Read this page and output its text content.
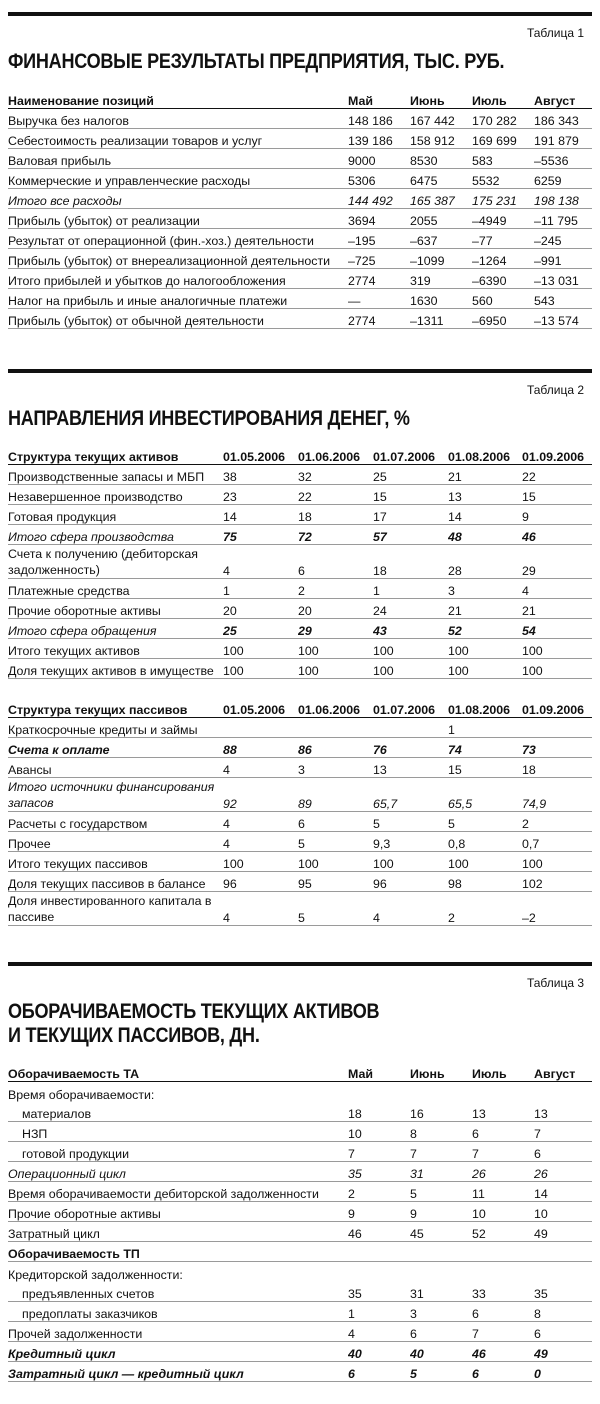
Таблица 1
ФИНАНСОВЫЕ РЕЗУЛЬТАТЫ ПРЕДПРИЯТИЯ, ТЫС. РУБ.
Наименование позиций	Май	Июнь	Июль	Август
Выручка без налогов	148 186	167 442	170 282	186 343
Себестоимость реализации товаров и услуг	139 186	158 912	169 699	191 879
Валовая прибыль	9000	8530	583	–5536
Коммерческие и управленческие расходы	5306	6475	5532	6259
Итого все расходы	144 492	165 387	175 231	198 138
Прибыль (убыток) от реализации	3694	2055	–4949	–11 795
Результат от операционной (фин.-хоз.) деятельности	–195	–637	–77	–245
Прибыль (убыток) от внереализационной деятельности	–725	–1099	–1264	–991
Итого прибылей и убытков до налогообложения	2774	319	–6390	–13 031
Налог на прибыль и иные аналогичные платежи	—	1630	560	543
Прибыль (убыток) от обычной деятельности	2774	–1311	–6950	–13 574
Таблица 2
НАПРАВЛЕНИЯ ИНВЕСТИРОВАНИЯ ДЕНЕГ, %
Структура текущих активов	01.05.2006	01.06.2006	01.07.2006	01.08.2006	01.09.2006
Производственные запасы и МБП	38	32	25	21	22
Незавершенное производство	23	22	15	13	15
Готовая продукция	14	18	17	14	9
Итого сфера производства	75	72	57	48	46
Счета к получению (дебиторская задолженность)	4	6	18	28	29
Платежные средства	1	2	1	3	4
Прочие оборотные активы	20	20	24	21	21
Итого сфера обращения	25	29	43	52	54
Итого текущих активов	100	100	100	100	100
Доля текущих активов в имуществе	100	100	100	100	100
Структура текущих пассивов	01.05.2006	01.06.2006	01.07.2006	01.08.2006	01.09.2006
Краткосрочные кредиты и займы				1	
Счета к оплате	88	86	76	74	73
Авансы	4	3	13	15	18
Итого источники финансирования запасов	92	89	65,7	65,5	74,9
Расчеты с государством	4	6	5	5	2
Прочее	4	5	9,3	0,8	0,7
Итого текущих пассивов	100	100	100	100	100
Доля текущих пассивов в балансе	96	95	96	98	102
Доля инвестированного капитала в пассиве	4	5	4	2	–2
Таблица 3
ОБОРАЧИВАЕМОСТЬ ТЕКУЩИХ АКТИВОВ
И ТЕКУЩИХ ПАССИВОВ, ДН.
Оборачиваемость ТА	Май	Июнь	Июль	Август
Время оборачиваемости:				
материалов	18	16	13	13
НЗП	10	8	6	7
готовой продукции	7	7	7	6
Операционный цикл	35	31	26	26
Время оборачиваемости дебиторской задолженности	2	5	11	14
Прочие оборотные активы	9	9	10	10
Затратный цикл	46	45	52	49
Оборачиваемость ТП				
Кредиторской задолженности:				
предъявленных счетов	35	31	33	35
предоплаты заказчиков	1	3	6	8
Прочей задолженности	4	6	7	6
Кредитный цикл	40	40	46	49
Затратный цикл — кредитный цикл	6	5	6	0
